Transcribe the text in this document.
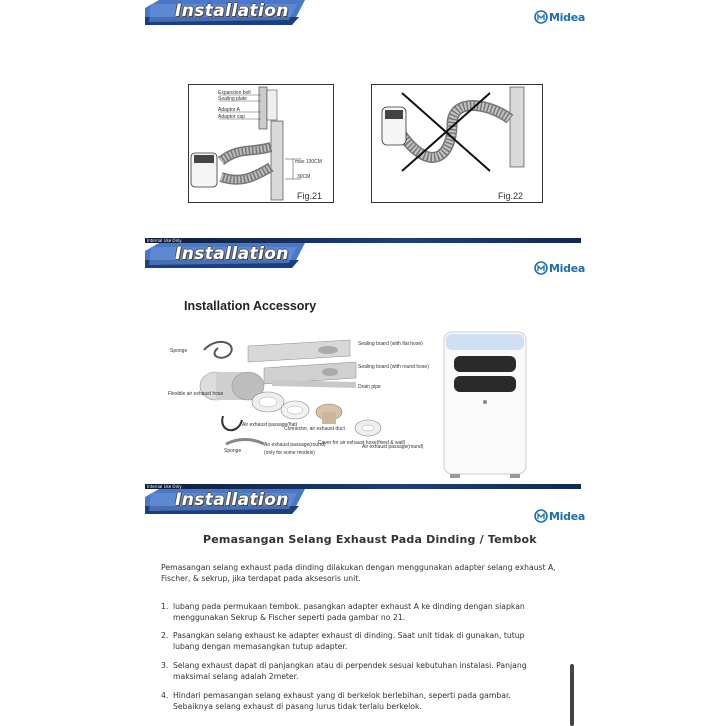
Installation	Midea
Expansion bolt
Sealing plate
Adaptor A
Adaptor cap
max 130CM
30CM
Fig.21	Fig.22
Internal Use Only
Installation
Midea
Installation Accessory
Sponge
Sealing board (with flat hose)
Sealing board (with round hose)
Drain pipe
Flexible air exhaust hose
Air exhaust passage(flat)
Connector, air exhaust duct
Cover for air exhaust hose(fixed & wall)
Air exhaust passage(round)
Sponge
Air exhaust passage(round)
(only for some models)
Internal Use Only
Installation
Midea
Pemasangan Selang Exhaust Pada Dinding / Tembok
Pemasangan selang exhaust pada dinding dilakukan dengan menggunakan adapter selang exhaust A, Fischer, & sekrup, jika terdapat pada aksesoris unit.
1. lubang pada permukaan tembok. pasangkan adapter exhaust A ke dinding dengan siapkan menggunakan Sekrup & Fischer seperti pada gambar no 21.
2. Pasangkan selang exhaust ke adapter exhaust di dinding. Saat unit tidak di gunakan, tutup lubang dengan memasangkan tutup adapter.
3. Selang exhaust dapat di panjangkan atau di perpendek sesuai kebutuhan instalasi. Panjang maksimal selang adalah 2meter.
4. Hindari pemasangan selang exhaust yang di berkelok berlebihan, seperti pada gambar. Sebaiknya selang exhaust di pasang lurus tidak terlalu berkelok.
